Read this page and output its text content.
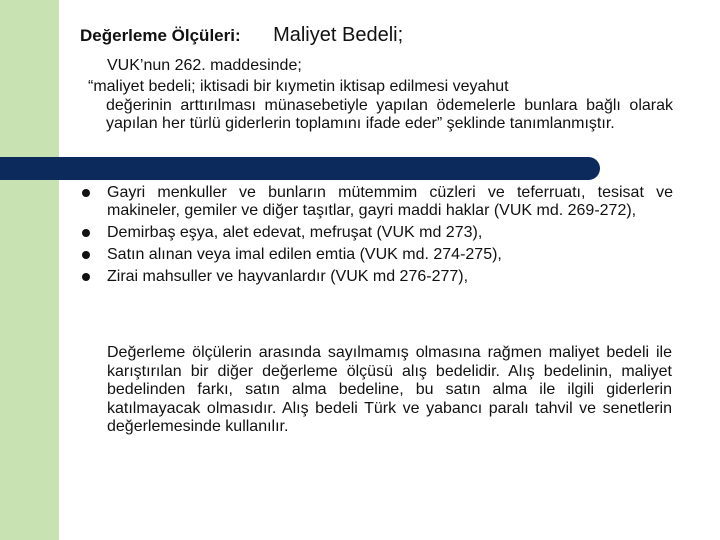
Değerleme Ölçüleri: Maliyet Bedeli;
VUK’nun 262. maddesinde;
“maliyet bedeli; iktisadi bir kıymetin iktisap edilmesi veyahut
değerinin arttırılması münasebetiyle yapılan ödemelerle bunlara bağlı olarak yapılan her türlü giderlerin toplamını ifade eder” şeklinde tanımlanmıştır.
Gayri menkuller ve bunların mütemmim cüzleri ve teferruatı, tesisat ve makineler, gemiler ve diğer taşıtlar, gayri maddi haklar (VUK md. 269-272),
Demirbaş eşya, alet edevat, mefruşat (VUK md 273),
Satın alınan veya imal edilen emtia (VUK md. 274-275),
Zirai mahsuller ve hayvanlardır (VUK md 276-277),
Değerleme ölçülerin arasında sayılmamış olmasına rağmen maliyet bedeli ile karıştırılan bir diğer değerleme ölçüsü alış bedelidir. Alış bedelinin, maliyet bedelinden farkı, satın alma bedeline, bu satın alma ile ilgili giderlerin katılmayacak olmasıdır. Alış bedeli Türk ve yabancı paralı tahvil ve senetlerin değerlemesinde kullanılır.
